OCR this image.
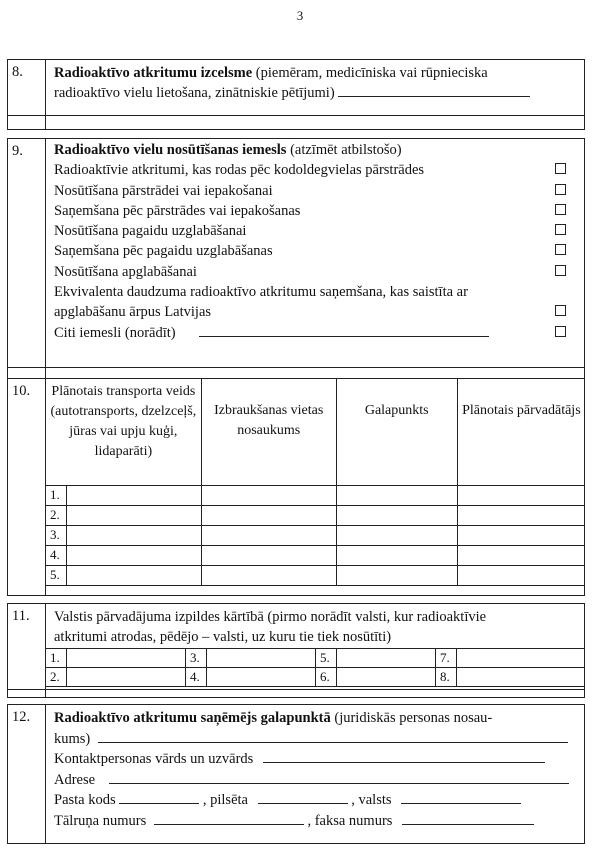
3
8.	Radioaktīvo atkritumu izcelsme (piemēram, medicīniska vai rūpnieciska
radioaktīvo vielu lietošana, zinātniskie pētījumi)
9.	Radioaktīvo vielu nosūtīšanas iemesls (atzīmēt atbilstošo)
Radioaktīvie atkritumi, kas rodas pēc kodoldegvielas pārstrādes
Nosūtīšana pārstrādei vai iepakošanai
Saņemšana pēc pārstrādes vai iepakošanas
Nosūtīšana pagaidu uzglabāšanai
Saņemšana pēc pagaidu uzglabāšanas
Nosūtīšana apglabāšanai
Ekvivalenta daudzuma radioaktīvo atkritumu saņemšana, kas saistīta ar
apglabāšanu ārpus Latvijas
Citi iemesli (norādīt)
10.	Plānotais transporta veids (autotransports, dzelzceļš, jūras vai upju kuģi, lidaparāti)		Izbraukšanas vietas nosaukums	Galapunkts	Plānotais pārvadātājs
1.				
2.				
3.				
4.				
5.				
11.	Valstis pārvadājuma izpildes kārtībā (pirmo norādīt valsti, kur radioaktīvie
atkritumi atrodas, pēdējo – valsti, uz kuru tie tiek nosūtīti)
1.		3.		5.		7.	
2.		4.		6.		8.	
12.	Radioaktīvo atkritumu saņēmējs galapunktā (juridiskās personas nosau-
kums)
Kontaktpersonas vārds un uzvārds
Adrese
Pasta kods	, pilsēta	, valsts
Tālruņa numurs	, faksa numurs
